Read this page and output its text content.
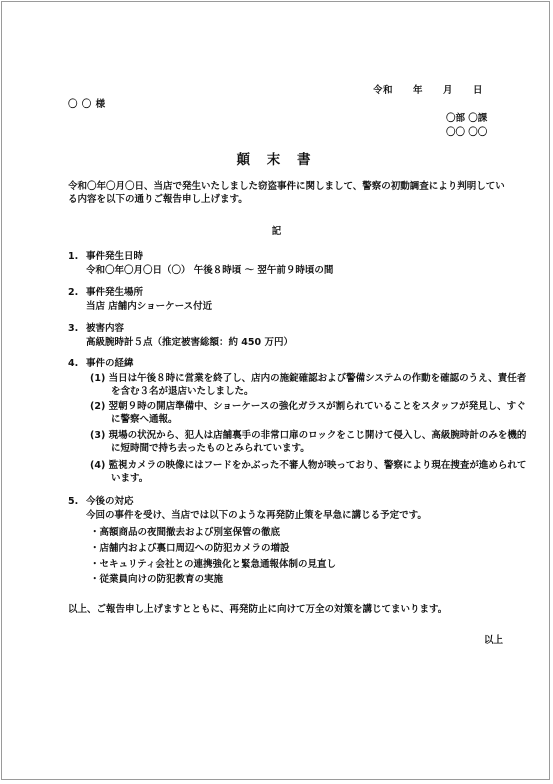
令和　　年　　月　　日
〇 〇 様
〇部 〇課
〇〇 〇〇
顛 末 書
令和〇年〇月〇日、当店で発生いたしました窃盗事件に関しまして、警察の初動調査により判明している内容を以下の通りご報告申し上げます。
記
1. 事件発生日時
令和〇年〇月〇日（〇） 午後８時頃 ～ 翌午前９時頃の間
2. 事件発生場所
当店 店舗内ショーケース付近
3. 被害内容
高級腕時計５点（推定被害総額：約 450 万円）
4. 事件の経緯
(1) 当日は午後８時に営業を終了し、店内の施錠確認および警備システムの作動を確認のうえ、責任者を含む３名が退店いたしました。
(2) 翌朝９時の開店準備中、ショーケースの強化ガラスが割られていることをスタッフが発見し、すぐに警察へ通報。
(3) 現場の状況から、犯人は店舗裏手の非常口扉のロックをこじ開けて侵入し、高級腕時計のみを機的に短時間で持ち去ったものとみられています。
(4) 監視カメラの映像にはフードをかぶった不審人物が映っており、警察により現在捜査が進められています。
5. 今後の対応
今回の事件を受け、当店では以下のような再発防止策を早急に講じる予定です。
・高額商品の夜間撤去および別室保管の徹底
・店舗内および裏口周辺への防犯カメラの増設
・セキュリティ会社との連携強化と緊急通報体制の見直し
・従業員向けの防犯教育の実施
以上、ご報告申し上げますとともに、再発防止に向けて万全の対策を講じてまいります。
以上
